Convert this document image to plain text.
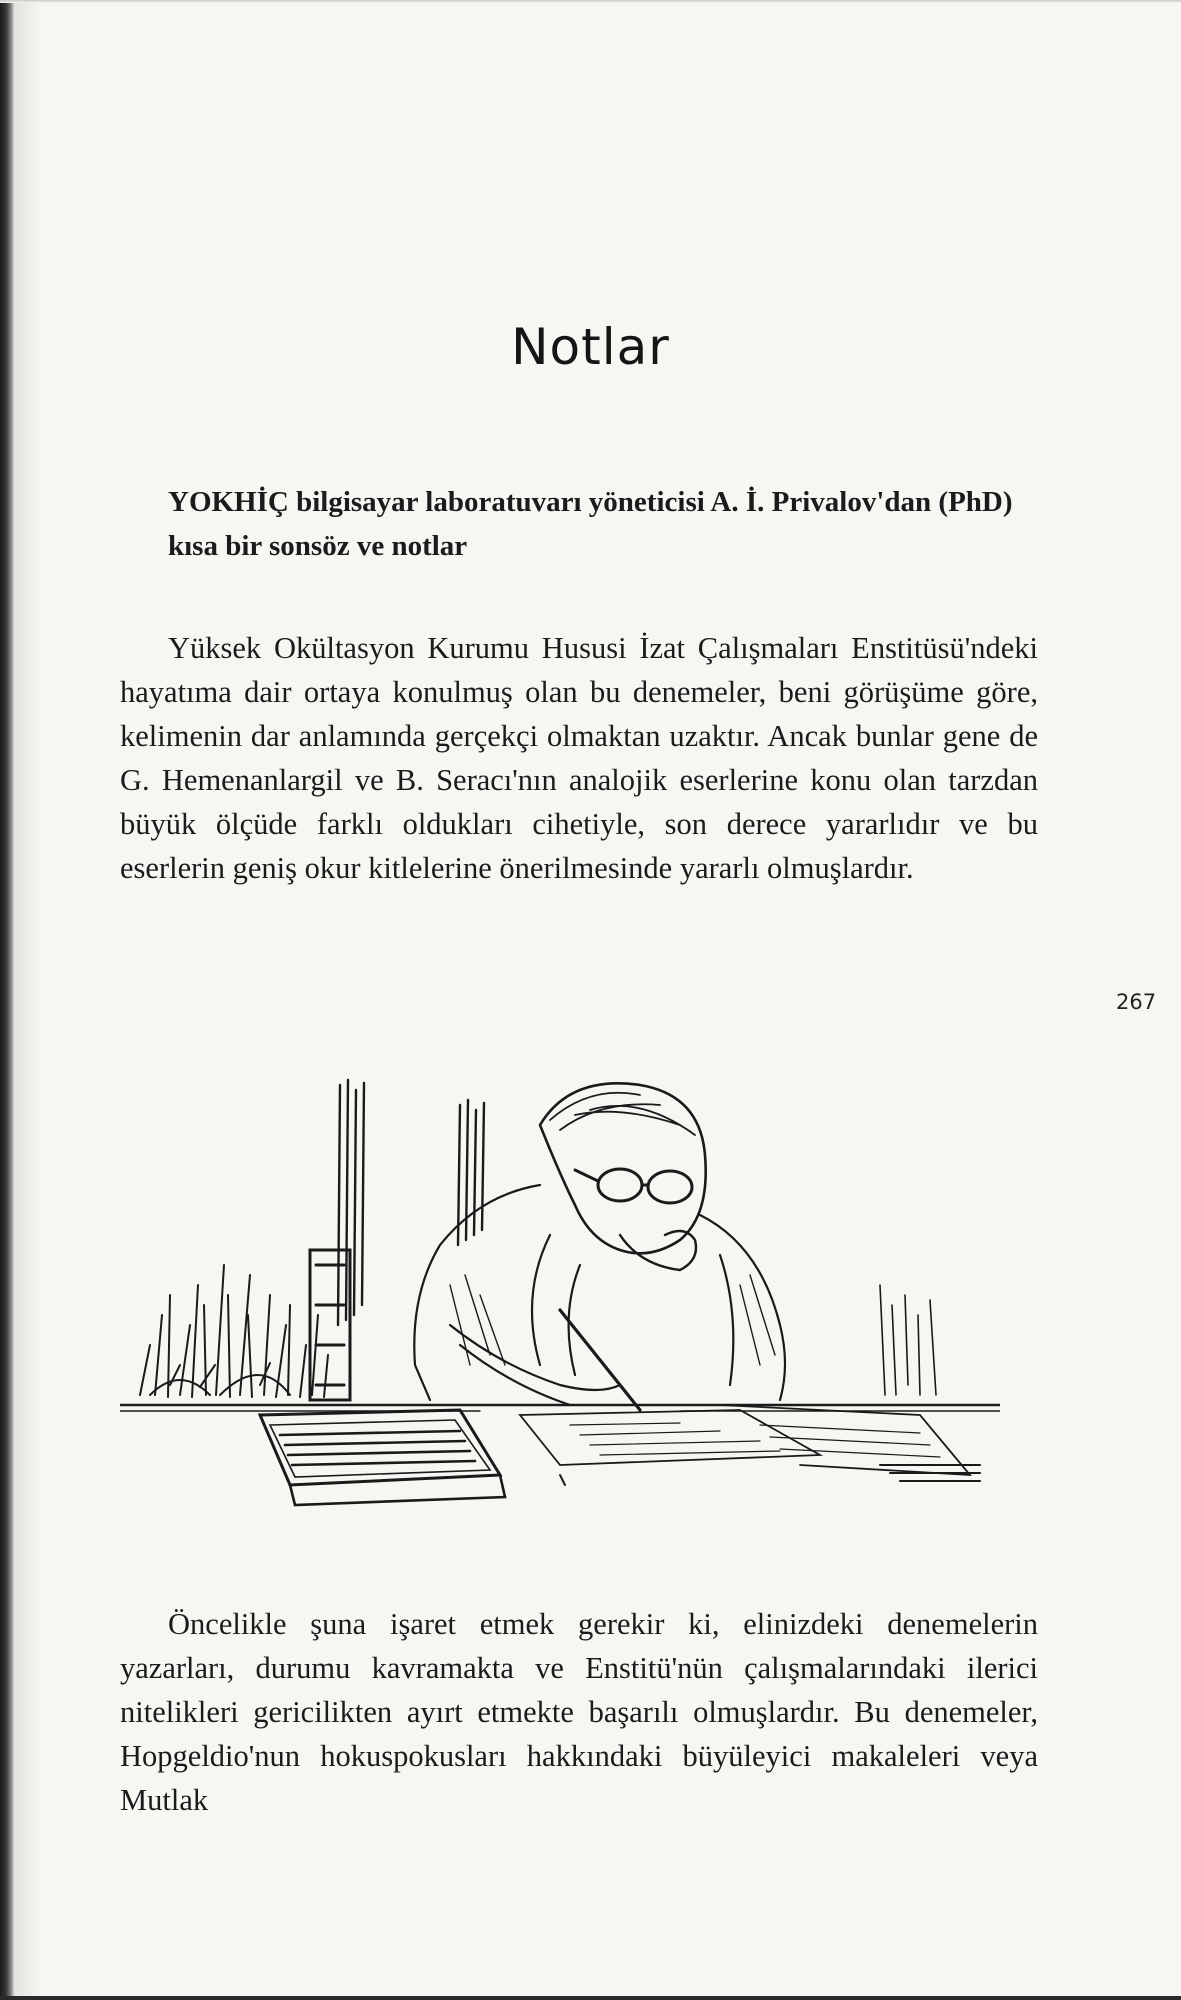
Notlar
YOKHİÇ bilgisayar laboratuvarı yöneticisi A. İ. Privalov'dan (PhD) kısa bir sonsöz ve notlar
Yüksek Okültasyon Kurumu Hususi İzat Çalışmaları Enstitüsü'ndeki hayatıma dair ortaya konulmuş olan bu denemeler, beni görüşüme göre, kelimenin dar anlamında gerçekçi olmaktan uzaktır. Ancak bunlar gene de G. Hemenanlargil ve B. Seracı'nın analojik eserlerine konu olan tarzdan büyük ölçüde farklı oldukları cihetiyle, son derece yararlıdır ve bu eserlerin geniş okur kitlelerine önerilmesinde yararlı olmuşlardır.
267
Öncelikle şuna işaret etmek gerekir ki, elinizdeki denemelerin yazarları, durumu kavramakta ve Enstitü'nün çalışmalarındaki ilerici nitelikleri gericilikten ayırt etmekte başarılı olmuşlardır. Bu denemeler, Hopgeldio'nun hokuspokusları hakkındaki büyüleyici makaleleri veya Mutlak
